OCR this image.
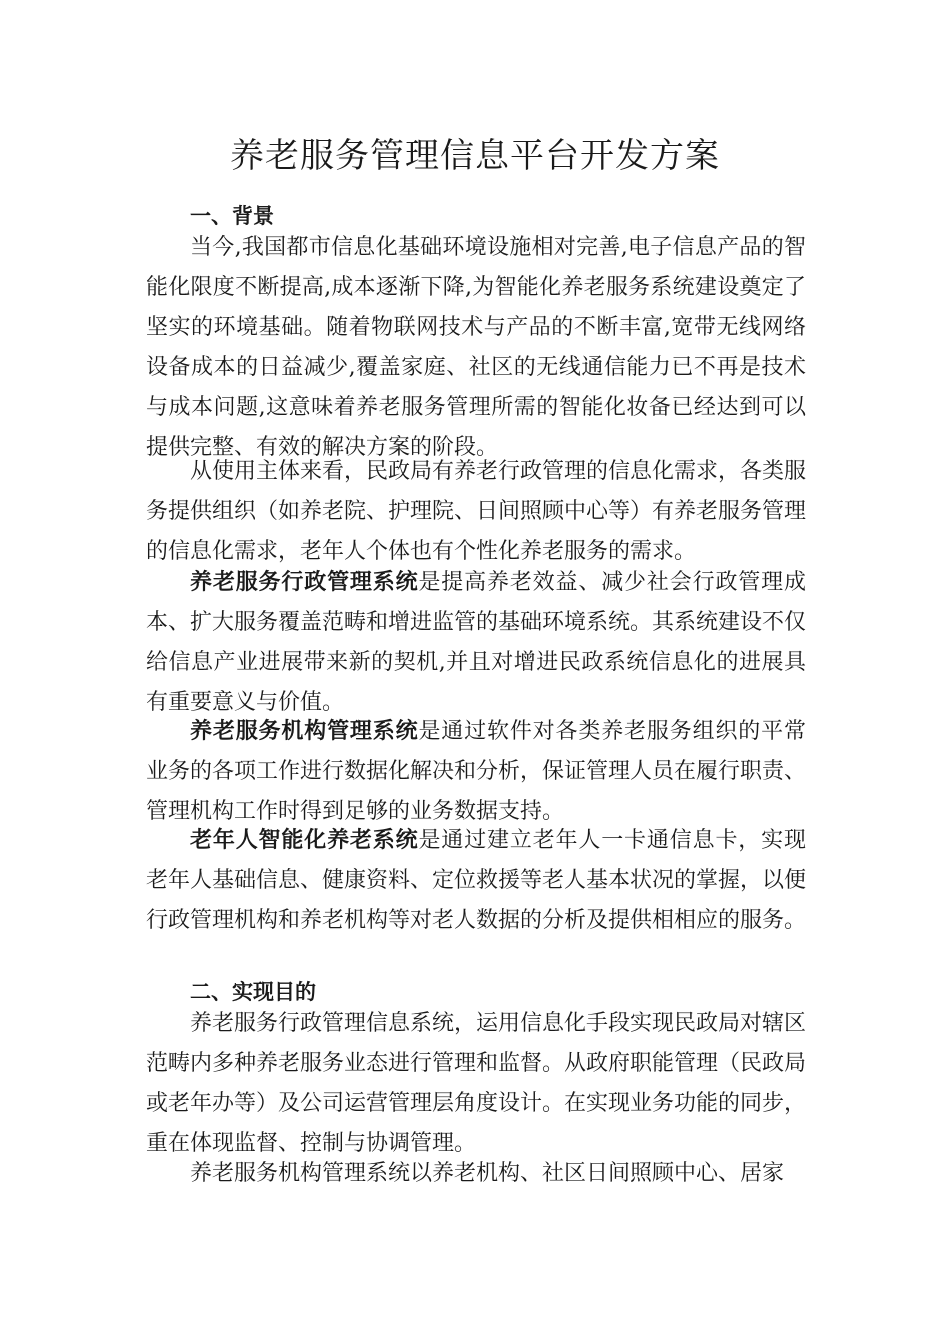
养老服务管理信息平台开发方案
一、背景
当今,我国都市信息化基础环境设施相对完善,电子信息产品的智能化限度不断提高,成本逐渐下降,为智能化养老服务系统建设奠定了坚实的环境基础。随着物联网技术与产品的不断丰富,宽带无线网络设备成本的日益减少,覆盖家庭、社区的无线通信能力已不再是技术与成本问题,这意味着养老服务管理所需的智能化妆备已经达到可以提供完整、有效的解决方案的阶段。
从使用主体来看，民政局有养老行政管理的信息化需求，各类服务提供组织（如养老院、护理院、日间照顾中心等）有养老服务管理的信息化需求，老年人个体也有个性化养老服务的需求。
养老服务行政管理系统是提高养老效益、减少社会行政管理成本、扩大服务覆盖范畴和增进监管的基础环境系统。其系统建设不仅给信息产业进展带来新的契机,并且对增进民政系统信息化的进展具有重要意义与价值。
养老服务机构管理系统是通过软件对各类养老服务组织的平常业务的各项工作进行数据化解决和分析，保证管理人员在履行职责、管理机构工作时得到足够的业务数据支持。
老年人智能化养老系统是通过建立老年人一卡通信息卡，实现老年人基础信息、健康资料、定位救援等老人基本状况的掌握，以便行政管理机构和养老机构等对老人数据的分析及提供相相应的服务。
二、实现目的
养老服务行政管理信息系统，运用信息化手段实现民政局对辖区范畴内多种养老服务业态进行管理和监督。从政府职能管理（民政局或老年办等）及公司运营管理层角度设计。在实现业务功能的同步，重在体现监督、控制与协调管理。
养老服务机构管理系统以养老机构、社区日间照顾中心、居家
